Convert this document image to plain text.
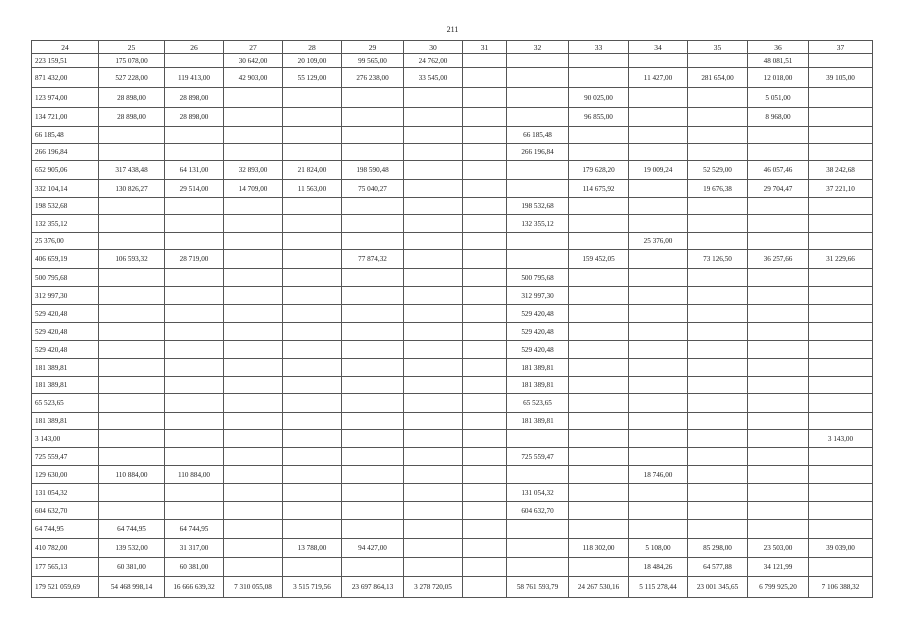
211
24	25	26	27	28	29	30	31	32	33	34	35	36	37
223 159,51	175 078,00		30 642,00	20 109,00	99 565,00	24 762,00						48 081,51	
871 432,00	527 228,00	119 413,00	42 903,00	55 129,00	276 238,00	33 545,00				11 427,00	281 654,00	12 018,00	39 105,00
123 974,00	28 898,00	28 898,00							90 025,00			5 051,00	
134 721,00	28 898,00	28 898,00							96 855,00			8 968,00	
66 185,48								66 185,48					
266 196,84								266 196,84					
652 905,06	317 438,48	64 131,00	32 893,00	21 824,00	198 590,48				179 628,20	19 009,24	52 529,00	46 057,46	38 242,68
332 104,14	130 826,27	29 514,00	14 709,00	11 563,00	75 040,27				114 675,92		19 676,38	29 704,47	37 221,10
198 532,68								198 532,68					
132 355,12								132 355,12					
25 376,00										25 376,00			
406 659,19	106 593,32	28 719,00			77 874,32				159 452,05		73 126,50	36 257,66	31 229,66
500 795,68								500 795,68					
312 997,30								312 997,30					
529 420,48								529 420,48					
529 420,48								529 420,48					
529 420,48								529 420,48					
181 389,81								181 389,81					
181 389,81								181 389,81					
65 523,65								65 523,65					
181 389,81								181 389,81					
3 143,00													3 143,00
725 559,47								725 559,47					
129 630,00	110 884,00	110 884,00								18 746,00			
131 054,32								131 054,32					
604 632,70								604 632,70					
64 744,95	64 744,95	64 744,95											
410 782,00	139 532,00	31 317,00		13 788,00	94 427,00				118 302,00	5 108,00	85 298,00	23 503,00	39 039,00
177 565,13	60 381,00	60 381,00								18 484,26	64 577,88	34 121,99	
179 521 059,69	54 468 998,14	16 666 639,32	7 310 055,08	3 515 719,56	23 697 864,13	3 278 720,05		58 761 593,79	24 267 530,16	5 115 278,44	23 001 345,65	6 799 925,20	7 106 388,32
